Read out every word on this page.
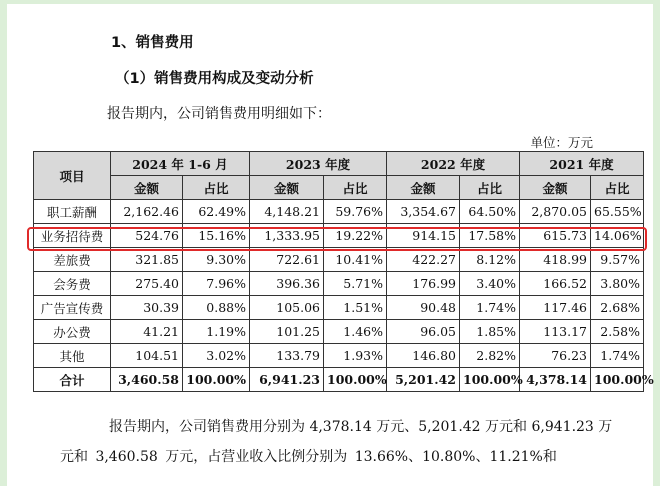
1、销售费用
（1）销售费用构成及变动分析
报告期内，公司销售费用明细如下：
单位：万元
项目	2024 年 1-6 月		2023 年度		2022 年度		2021 年度	
	金额	占比	金额	占比	金额	占比	金额	占比
职工薪酬	2,162.46	62.49%	4,148.21	59.76%	3,354.67	64.50%	2,870.05	65.55%
业务招待费	524.76	15.16%	1,333.95	19.22%	914.15	17.58%	615.73	14.06%
差旅费	321.85	9.30%	722.61	10.41%	422.27	8.12%	418.99	9.57%
会务费	275.40	7.96%	396.36	5.71%	176.99	3.40%	166.52	3.80%
广告宣传费	30.39	0.88%	105.06	1.51%	90.48	1.74%	117.46	2.68%
办公费	41.21	1.19%	101.25	1.46%	96.05	1.85%	113.17	2.58%
其他	104.51	3.02%	133.79	1.93%	146.80	2.82%	76.23	1.74%
合计	3,460.58	100.00%	6,941.23	100.00%	5,201.42	100.00%	4,378.14	100.00%
报告期内，公司销售费用分别为 4,378.14 万元、5,201.42 万元和 6,941.23 万
元和 3,460.58 万元，占营业收入比例分别为 13.66%、10.80%、11.21%和
